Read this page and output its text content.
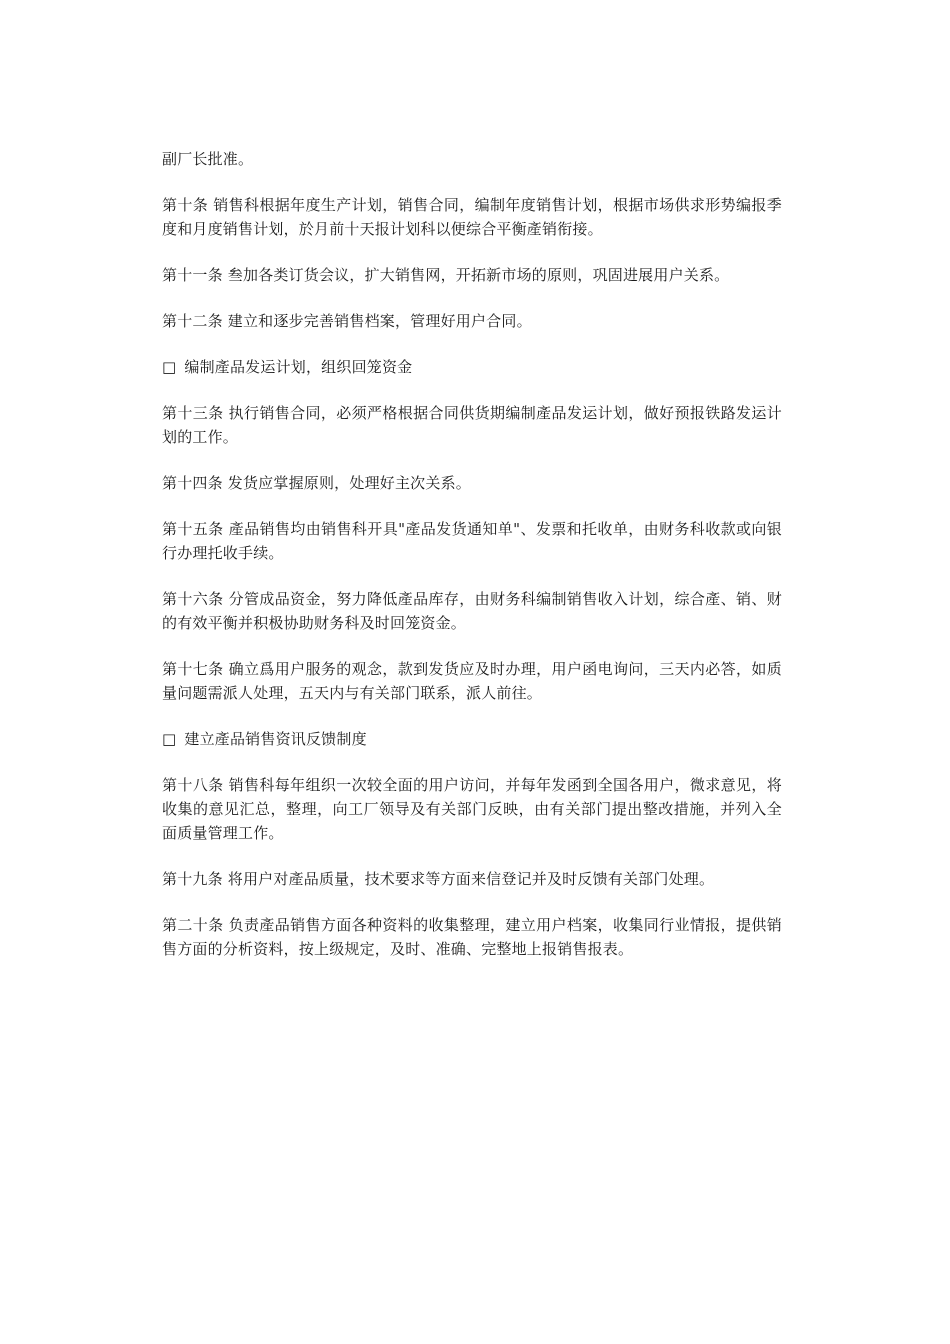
副厂长批准。

第十条 销售科根据年度生产计划，销售合同，编制年度销售计划，根据市场供求形势编报季度和月度销售计划，於月前十天报计划科以便综合平衡產销衔接。

第十一条 叁加各类订货会议，扩大销售网，开拓新市场的原则，巩固进展用户关系。

第十二条 建立和逐步完善销售档案，管理好用户合同。

□ 编制產品发运计划，组织回笼资金

第十三条 执行销售合同，必须严格根据合同供货期编制產品发运计划，做好预报铁路发运计划的工作。

第十四条 发货应掌握原则，处理好主次关系。

第十五条 產品销售均由销售科开具"產品发货通知单"、发票和托收单，由财务科收款或向银行办理托收手续。

第十六条 分管成品资金，努力降低產品库存，由财务科编制销售收入计划，综合產、销、财的有效平衡并积极协助财务科及时回笼资金。

第十七条 确立爲用户服务的观念，款到发货应及时办理，用户函电询问，三天内必答，如质量问题需派人处理，五天内与有关部门联系，派人前往。

□ 建立產品销售资讯反馈制度

第十八条 销售科每年组织一次较全面的用户访问，并每年发函到全国各用户，微求意见，将收集的意见汇总，整理，向工厂领导及有关部门反映，由有关部门提出整改措施，并列入全面质量管理工作。

第十九条 将用户对產品质量，技术要求等方面来信登记并及时反馈有关部门处理。

第二十条 负责產品销售方面各种资料的收集整理，建立用户档案，收集同行业情报，提供销售方面的分析资料，按上级规定，及时、准确、完整地上报销售报表。
